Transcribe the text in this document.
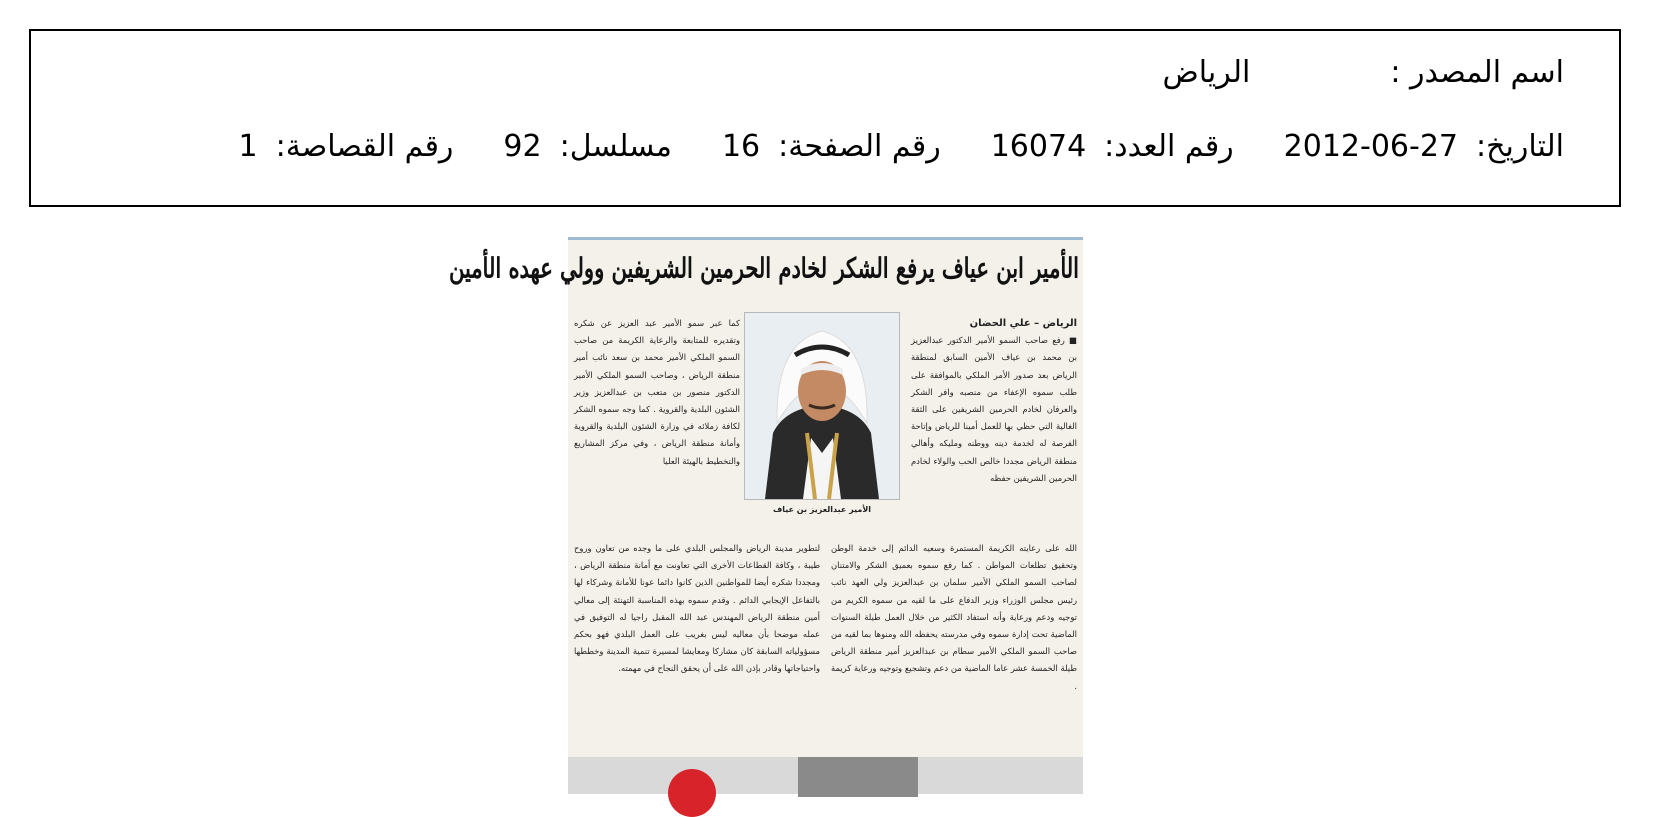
اسم المصدر :الرياض
التاريخ:2012-06-27رقم العدد:16074رقم الصفحة:16مسلسل:92رقم القصاصة:1
الأمير ابن عياف يرفع الشكر لخادم الحرمين الشريفين وولي عهده الأمين
الرياض – علي الحضان
■ رفع صاحب السمو الأمير الدكتور عبدالعزيز بن محمد بن عياف الأمين السابق لمنطقة الرياض بعد صدور الأمر الملكي بالموافقة على طلب سموه الإعفاء من منصبه وافر الشكر والعرفان لخادم الحرمين الشريفين على الثقة الغالية التي حظي بها للعمل أمينا للرياض وإتاحة الفرصة له لخدمة دينه ووطنه ومليكه وأهالي منطقة الرياض مجددا خالص الحب والولاء لخادم الحرمين الشريفين حفظه
الأمير عبدالعزيز بن عياف
كما عبر سمو الأمير عبد العزيز عن شكره وتقديره للمتابعة والرعاية الكريمة من صاحب السمو الملكي الأمير محمد بن سعد نائب أمير منطقة الرياض ، وصاحب السمو الملكي الأمير الدكتور منصور بن متعب بن عبدالعزيز وزير الشئون البلدية والقروية . كما وجه سموه الشكر لكافة زملائه في وزارة الشئون البلدية والقروية وأمانة منطقة الرياض ، وفي مركز المشاريع والتخطيط بالهيئة العليا
الله على رعايته الكريمة المستمرة وسعيه الدائم إلى خدمة الوطن وتحقيق تطلعات المواطن . كما رفع سموه بعميق الشكر والامتنان لصاحب السمو الملكي الأمير سلمان بن عبدالعزيز ولي العهد نائب رئيس مجلس الوزراء وزير الدفاع على ما لقيه من سموه الكريم من توجيه ودعم ورعاية وأنه استفاد الكثير من خلال العمل طيلة السنوات الماضية تحت إدارة سموه وفي مدرسته يحفظه الله ومنوها بما لقيه من صاحب السمو الملكي الأمير سطام بن عبدالعزيز أمير منطقة الرياض طيلة الخمسة عشر عاما الماضية من دعم وتشجيع وتوجيه ورعاية كريمة .
لتطوير مدينة الرياض والمجلس البلدي على ما وجده من تعاون وروح طيبة ، وكافة القطاعات الأخرى التي تعاونت مع أمانة منطقة الرياض ، ومجددا شكره أيضا للمواطنين الذين كانوا دائما عونا للأمانة وشركاء لها بالتفاعل الإيجابي الدائم . وقدم سموه بهذه المناسبة التهنئة إلى معالي أمين منطقة الرياض المهندس عبد الله المقبل راجيا له التوفيق في عمله موضحا بأن معاليه ليس بغريب على العمل البلدي فهو بحكم مسؤولياته السابقة كان مشاركا ومعايشا لمسيرة تنمية المدينة وخططها واحتياجاتها وقادر بإذن الله على أن يحقق النجاح في مهمته.
